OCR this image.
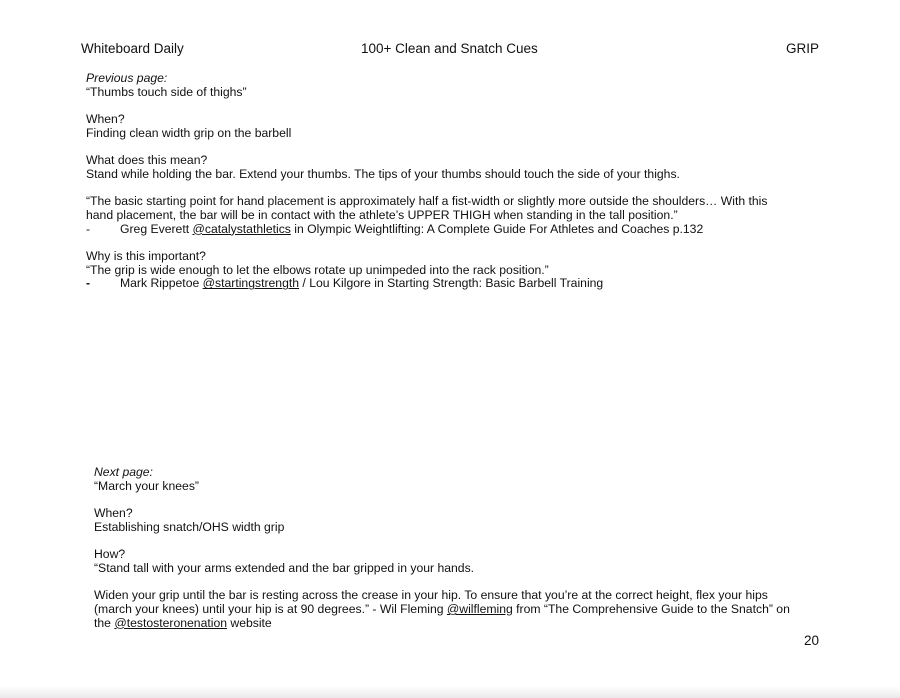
Whiteboard Daily	100+ Clean and Snatch Cues	GRIP

Previous page:

“Thumbs touch side of thighs”

When?

Finding clean width grip on the barbell

What does this mean?

Stand while holding the bar. Extend your thumbs. The tips of your thumbs should touch the side of your thighs.

“The basic starting point for hand placement is approximately half a fist-width or slightly more outside the shoulders… With this

hand placement, the bar will be in contact with the athlete’s UPPER THIGH when standing in the tall position.”

-	Greg Everett @catalystathletics in Olympic Weightlifting: A Complete Guide For Athletes and Coaches p.132

Why is this important?

“The grip is wide enough to let the elbows rotate up unimpeded into the rack position.”

-	Mark Rippetoe @startingstrength / Lou Kilgore in Starting Strength: Basic Barbell Training

Next page:

“March your knees”

When?

Establishing snatch/OHS width grip

How?

“Stand tall with your arms extended and the bar gripped in your hands.

Widen your grip until the bar is resting across the crease in your hip. To ensure that you’re at the correct height, flex your hips

(march your knees) until your hip is at 90 degrees.” - Wil Fleming @wilfleming from “The Comprehensive Guide to the Snatch” on

the @testosteronenation website

20
